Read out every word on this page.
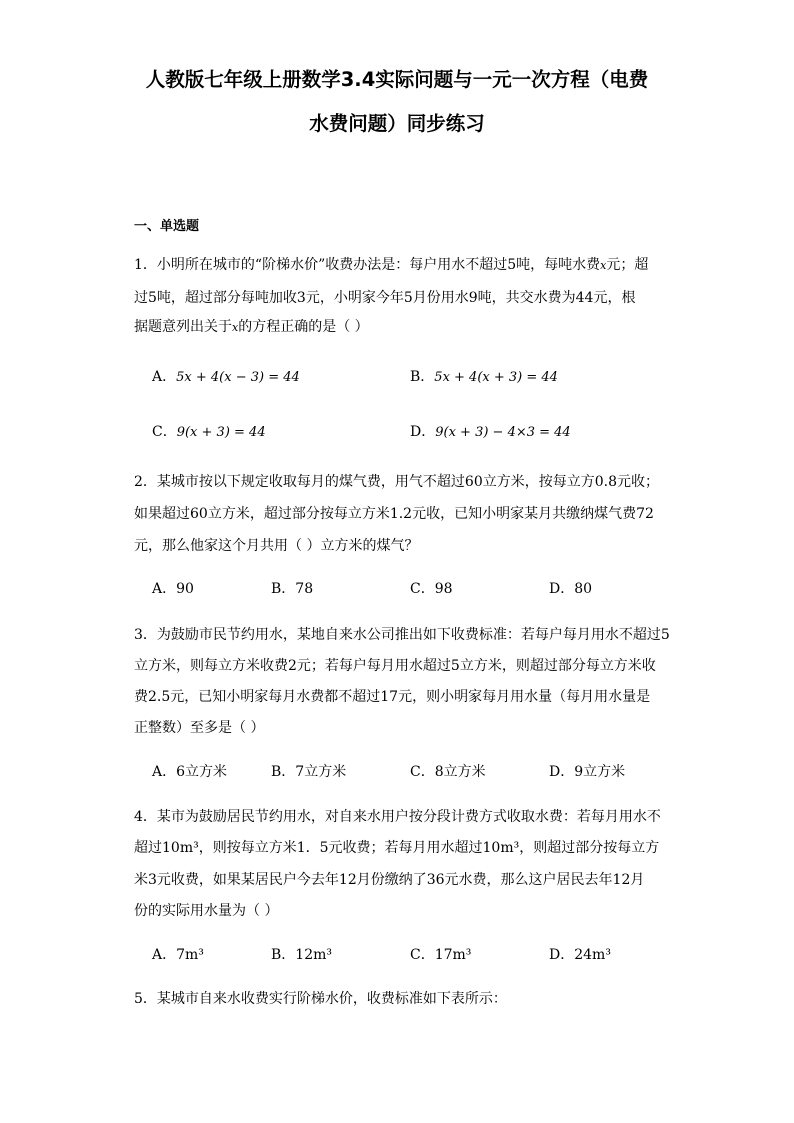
人教版七年级上册数学3.4实际问题与一元一次方程（电费
水费问题）同步练习
一、单选题
1．小明所在城市的“阶梯水价”收费办法是：每户用水不超过5吨，每吨水费x元；超
过5吨，超过部分每吨加收3元，小明家今年5月份用水9吨，共交水费为44元，根
据题意列出关于x的方程正确的是（ ）
A．5x + 4(x − 3) = 44	B．5x + 4(x + 3) = 44
C．9(x + 3) = 44	D．9(x + 3) − 4×3 = 44
2．某城市按以下规定收取每月的煤气费，用气不超过60立方米，按每立方0.8元收；
如果超过60立方米，超过部分按每立方米1.2元收，已知小明家某月共缴纳煤气费72
元，那么他家这个月共用（ ）立方米的煤气？
A．90	B．78	C．98	D．80
3．为鼓励市民节约用水，某地自来水公司推出如下收费标准：若每户每月用水不超过5
立方米，则每立方米收费2元；若每户每月用水超过5立方米，则超过部分每立方米收
费2.5元，已知小明家每月水费都不超过17元，则小明家每月用水量（每月用水量是
正整数）至多是（ ）
A．6立方米	B．7立方米	C．8立方米	D．9立方米
4．某市为鼓励居民节约用水，对自来水用户按分段计费方式收取水费：若每月用水不
超过10m³，则按每立方米1．5元收费；若每月用水超过10m³，则超过部分按每立方
米3元收费，如果某居民户今去年12月份缴纳了36元水费，那么这户居民去年12月
份的实际用水量为（ ）
A．7m³	B．12m³	C．17m³	D．24m³
5．某城市自来水收费实行阶梯水价，收费标准如下表所示：
